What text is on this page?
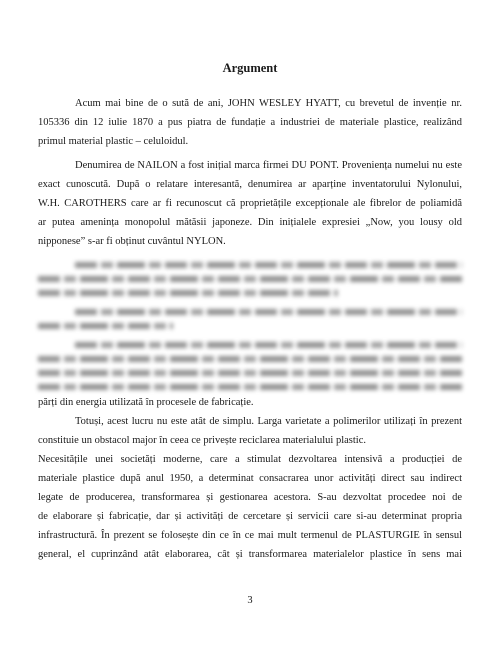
Argument
Acum mai bine de o sută de ani, JOHN WESLEY HYATT, cu brevetul de invenție nr.
105336 din 12 iulie 1870 a pus piatra de fundație a industriei de materiale plastice, realizând
primul material plastic – celuloidul.
Denumirea de NAILON a fost inițial marca firmei DU PONT. Proveniența numelui nu este
exact cunoscută. După o relatare interesantă, denumirea ar aparține inventatorului Nylonului,
W.H. CAROTHERS care ar fi recunoscut că proprietățile excepționale ale fibrelor de poliamidă
ar putea amenința monopolul mătăsii japoneze. Din inițialele expresiei „Now, you lousy old
nipponese” s-ar fi obținut cuvântul NYLON.
părți din energia utilizată în procesele de fabricație.
Totuși, acest lucru nu este atât de simplu. Larga varietate a polimerilor utilizați în prezent
constituie un obstacol major în ceea ce privește reciclarea materialului plastic.
Necesitățile unei societăți moderne, care a stimulat dezvoltarea intensivă a producției de
materiale plastice după anul 1950, a determinat consacrarea unor activități direct sau indirect
legate de producerea, transformarea și gestionarea acestora. S-au dezvoltat procedee noi de
de elaborare și fabricație, dar și activități de cercetare și servicii care si-au determinat propria
infrastructură. În prezent se folosește din ce în ce mai mult termenul de PLASTURGIE în sensul
general, el cuprinzând atât elaborarea, cât și transformarea materialelor plastice în sens mai
3
